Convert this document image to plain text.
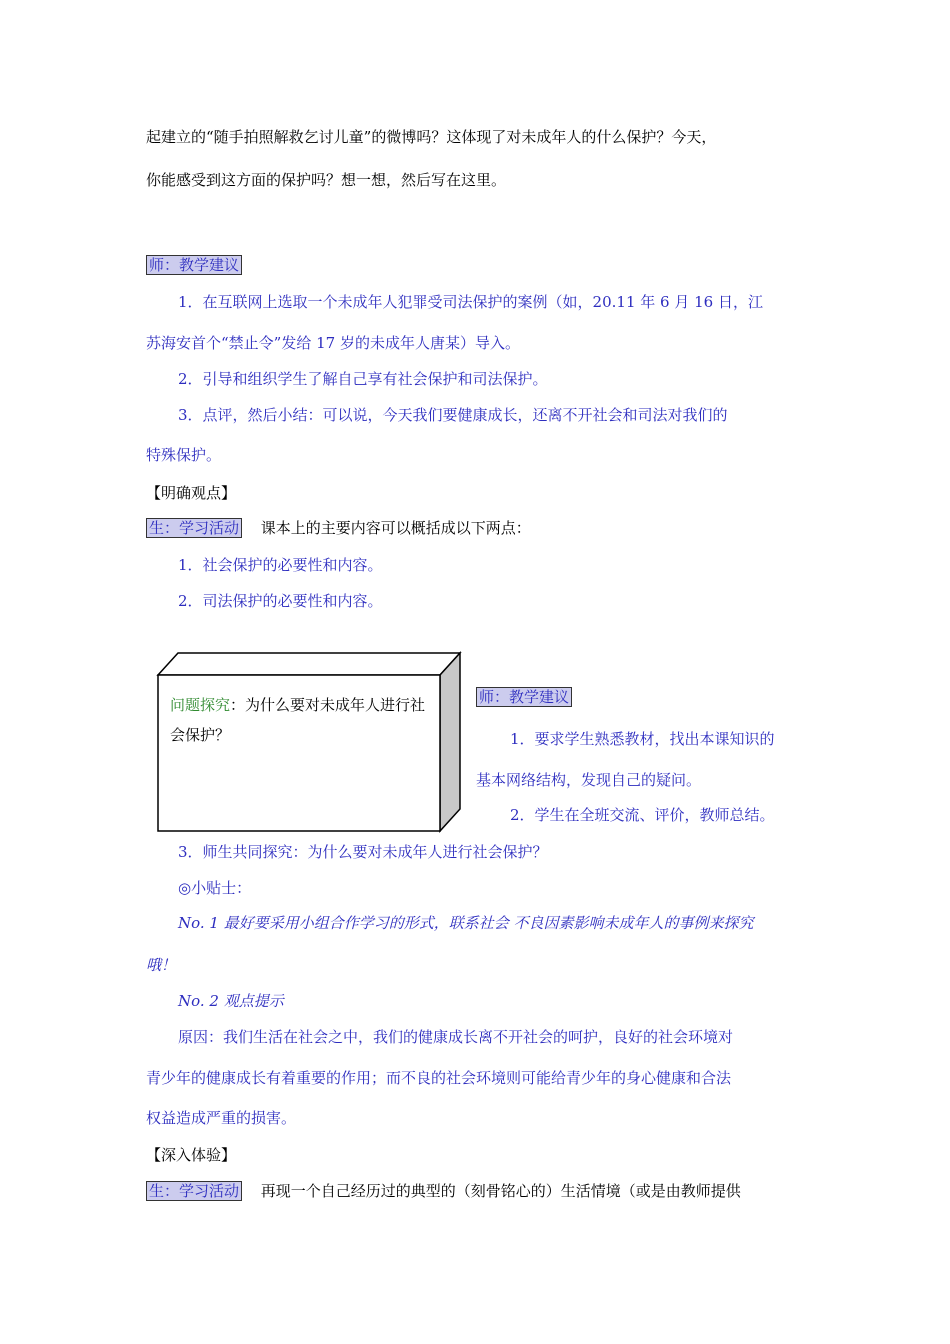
起建立的“随手拍照解救乞讨儿童”的微博吗？这体现了对未成年人的什么保护？今天，
你能感受到这方面的保护吗？想一想，然后写在这里。
师：教学建议
1．在互联网上选取一个未成年人犯罪受司法保护的案例（如，20.11 年 6 月 16 日，江
苏海安首个“禁止令”发给 17 岁的未成年人唐某）导入。
2．引导和组织学生了解自己享有社会保护和司法保护。
3．点评，然后小结：可以说，今天我们要健康成长，还离不开社会和司法对我们的
特殊保护。
【明确观点】
生：学习活动 课本上的主要内容可以概括成以下两点：
1．社会保护的必要性和内容。
2．司法保护的必要性和内容。
问题探究：为什么要对未成年人进行社会保护？
师：教学建议
1．要求学生熟悉教材，找出本课知识的
基本网络结构，发现自己的疑问。
2．学生在全班交流、评价，教师总结。
3．师生共同探究：为什么要对未成年人进行社会保护？
◎小贴士：
No. 1 最好要采用小组合作学习的形式，联系社会 不良因素影响未成年人的事例来探究
哦！
No. 2 观点提示
原因：我们生活在社会之中，我们的健康成长离不开社会的呵护，良好的社会环境对
青少年的健康成长有着重要的作用；而不良的社会环境则可能给青少年的身心健康和合法
权益造成严重的损害。
【深入体验】
生：学习活动 再现一个自己经历过的典型的（刻骨铭心的）生活情境（或是由教师提供
